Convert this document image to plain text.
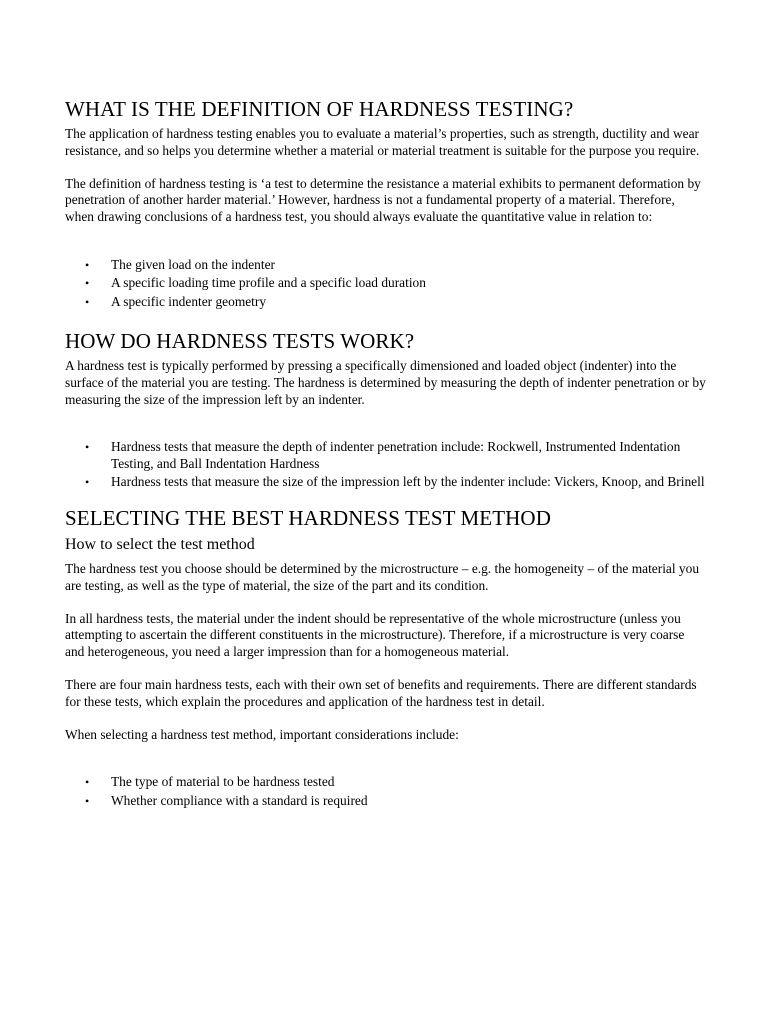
WHAT IS THE DEFINITION OF HARDNESS TESTING?

The application of hardness testing enables you to evaluate a material’s properties, such as strength, ductility and wear resistance, and so helps you determine whether a material or material treatment is suitable for the purpose you require.

The definition of hardness testing is ‘a test to determine the resistance a material exhibits to permanent deformation by penetration of another harder material.’ However, hardness is not a fundamental property of a material. Therefore, when drawing conclusions of a hardness test, you should always evaluate the quantitative value in relation to:

• The given load on the indenter
• A specific loading time profile and a specific load duration
• A specific indenter geometry
HOW DO HARDNESS TESTS WORK?

A hardness test is typically performed by pressing a specifically dimensioned and loaded object (indenter) into the surface of the material you are testing. The hardness is determined by measuring the depth of indenter penetration or by measuring the size of the impression left by an indenter.

• Hardness tests that measure the depth of indenter penetration include: Rockwell, Instrumented Indentation Testing, and Ball Indentation Hardness
• Hardness tests that measure the size of the impression left by the indenter include: Vickers, Knoop, and Brinell
SELECTING THE BEST HARDNESS TEST METHOD
How to select the test method

The hardness test you choose should be determined by the microstructure – e.g. the homogeneity – of the material you are testing, as well as the type of material, the size of the part and its condition.

In all hardness tests, the material under the indent should be representative of the whole microstructure (unless you attempting to ascertain the different constituents in the microstructure). Therefore, if a microstructure is very coarse and heterogeneous, you need a larger impression than for a homogeneous material.

There are four main hardness tests, each with their own set of benefits and requirements. There are different standards for these tests, which explain the procedures and application of the hardness test in detail.

When selecting a hardness test method, important considerations include:

• The type of material to be hardness tested
• Whether compliance with a standard is required
